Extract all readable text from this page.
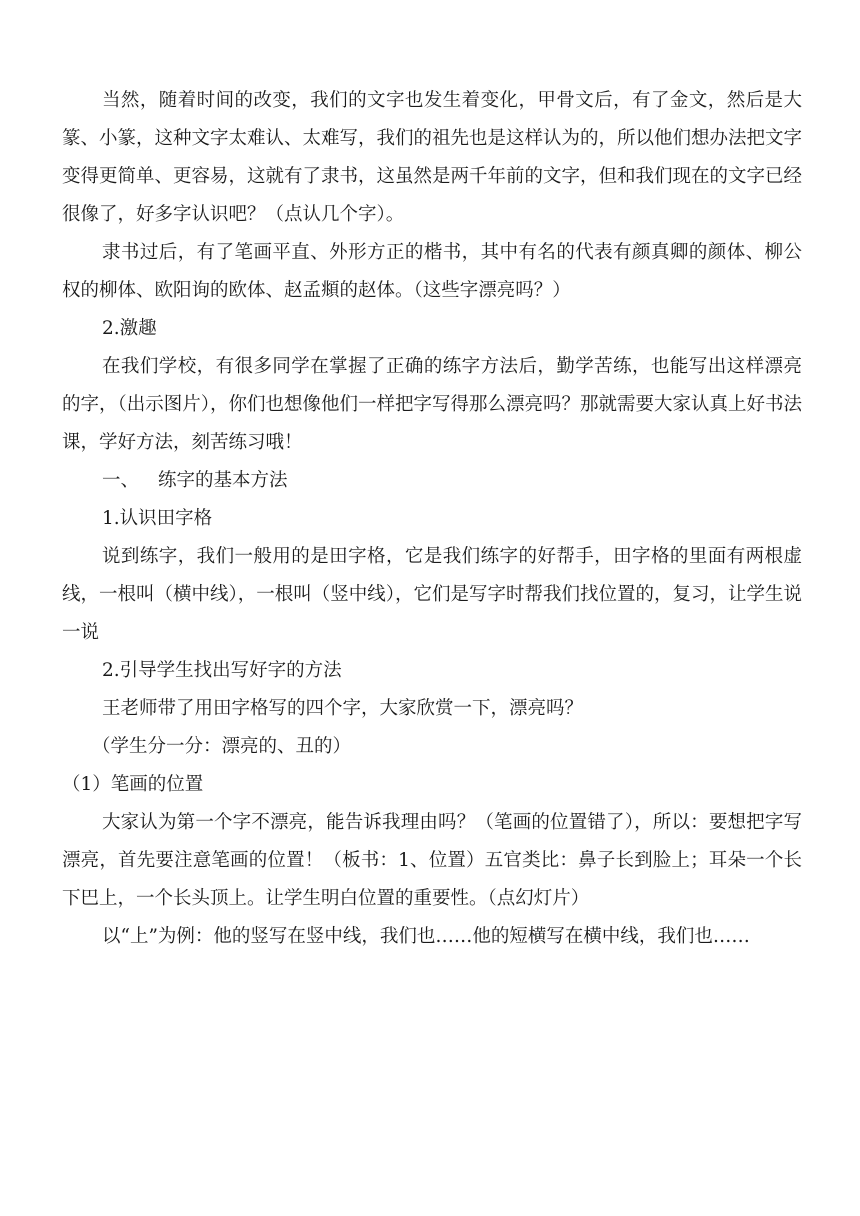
当然，随着时间的改变，我们的文字也发生着变化，甲骨文后，有了金文，然后是大篆、小篆，这种文字太难认、太难写，我们的祖先也是这样认为的，所以他们想办法把文字变得更简单、更容易，这就有了隶书，这虽然是两千年前的文字，但和我们现在的文字已经很像了，好多字认识吧？（点认几个字）。

隶书过后，有了笔画平直、外形方正的楷书，其中有名的代表有颜真卿的颜体、柳公权的柳体、欧阳询的欧体、赵孟頫的赵体。（这些字漂亮吗？）

2.激趣

在我们学校，有很多同学在掌握了正确的练字方法后，勤学苦练，也能写出这样漂亮的字，（出示图片），你们也想像他们一样把字写得那么漂亮吗？那就需要大家认真上好书法课，学好方法，刻苦练习哦！

一、	练字的基本方法

1.认识田字格

说到练字，我们一般用的是田字格，它是我们练字的好帮手，田字格的里面有两根虚线，一根叫（横中线），一根叫（竖中线），它们是写字时帮我们找位置的，复习，让学生说一说

2.引导学生找出写好字的方法

王老师带了用田字格写的四个字，大家欣赏一下，漂亮吗？

（学生分一分：漂亮的、丑的）

（1）笔画的位置

大家认为第一个字不漂亮，能告诉我理由吗？（笔画的位置错了），所以：要想把字写漂亮，首先要注意笔画的位置！（板书：1、位置）五官类比：鼻子长到脸上；耳朵一个长下巴上，一个长头顶上。让学生明白位置的重要性。（点幻灯片）

以“上”为例：他的竖写在竖中线，我们也……他的短横写在横中线，我们也……
